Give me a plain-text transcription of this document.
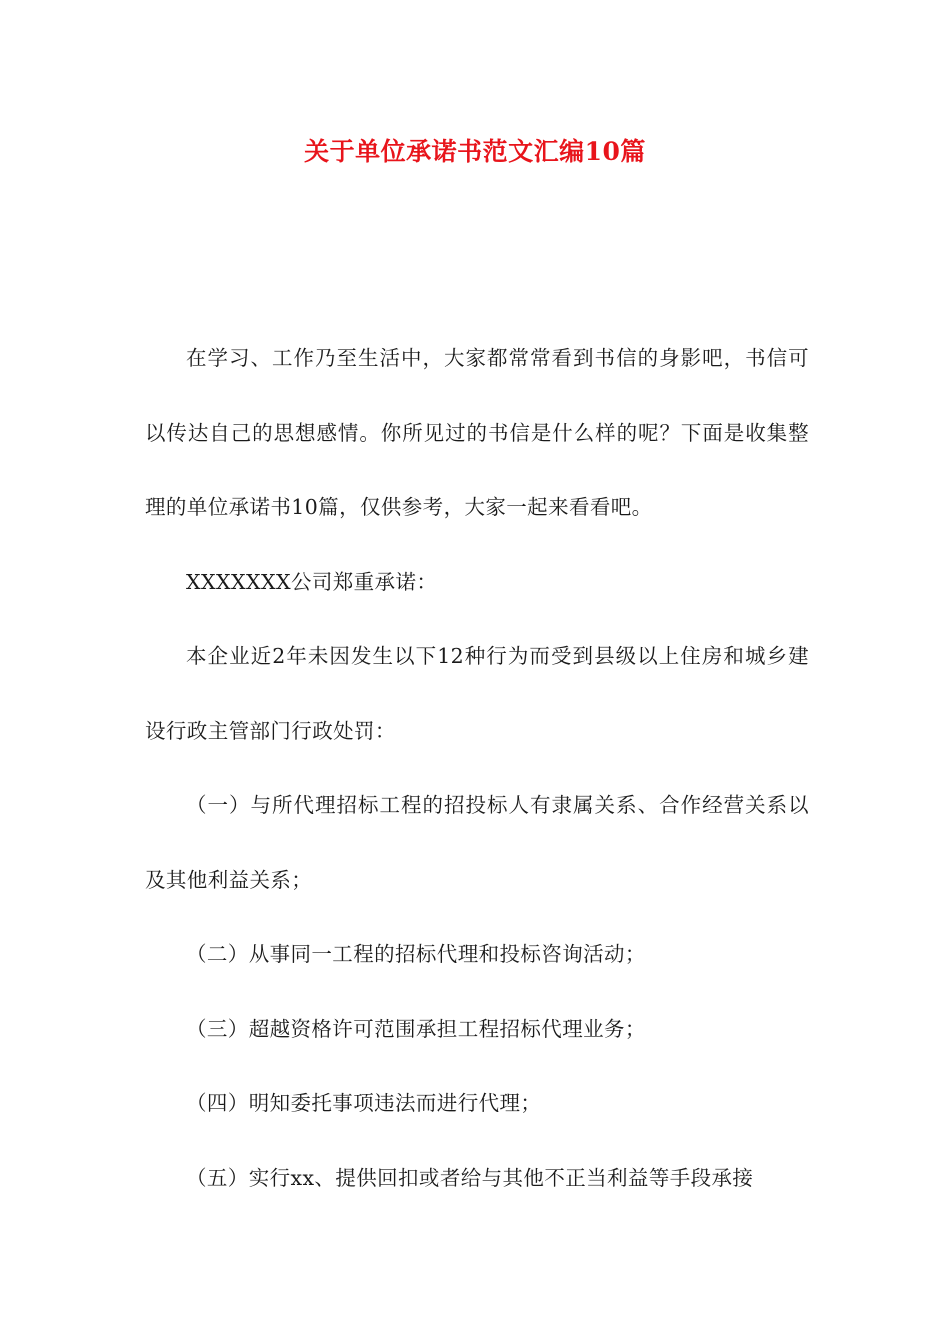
关于单位承诺书范文汇编10篇

在学习、工作乃至生活中，大家都常常看到书信的身影吧，书信可以传达自己的思想感情。你所见过的书信是什么样的呢？下面是收集整理的单位承诺书10篇，仅供参考，大家一起来看看吧。

XXXXXXX公司郑重承诺：

本企业近2年未因发生以下12种行为而受到县级以上住房和城乡建设行政主管部门行政处罚：

（一）与所代理招标工程的招投标人有隶属关系、合作经营关系以及其他利益关系；

（二）从事同一工程的招标代理和投标咨询活动；

（三）超越资格许可范围承担工程招标代理业务；

（四）明知委托事项违法而进行代理；

（五）实行xx、提供回扣或者给与其他不正当利益等手段承接
